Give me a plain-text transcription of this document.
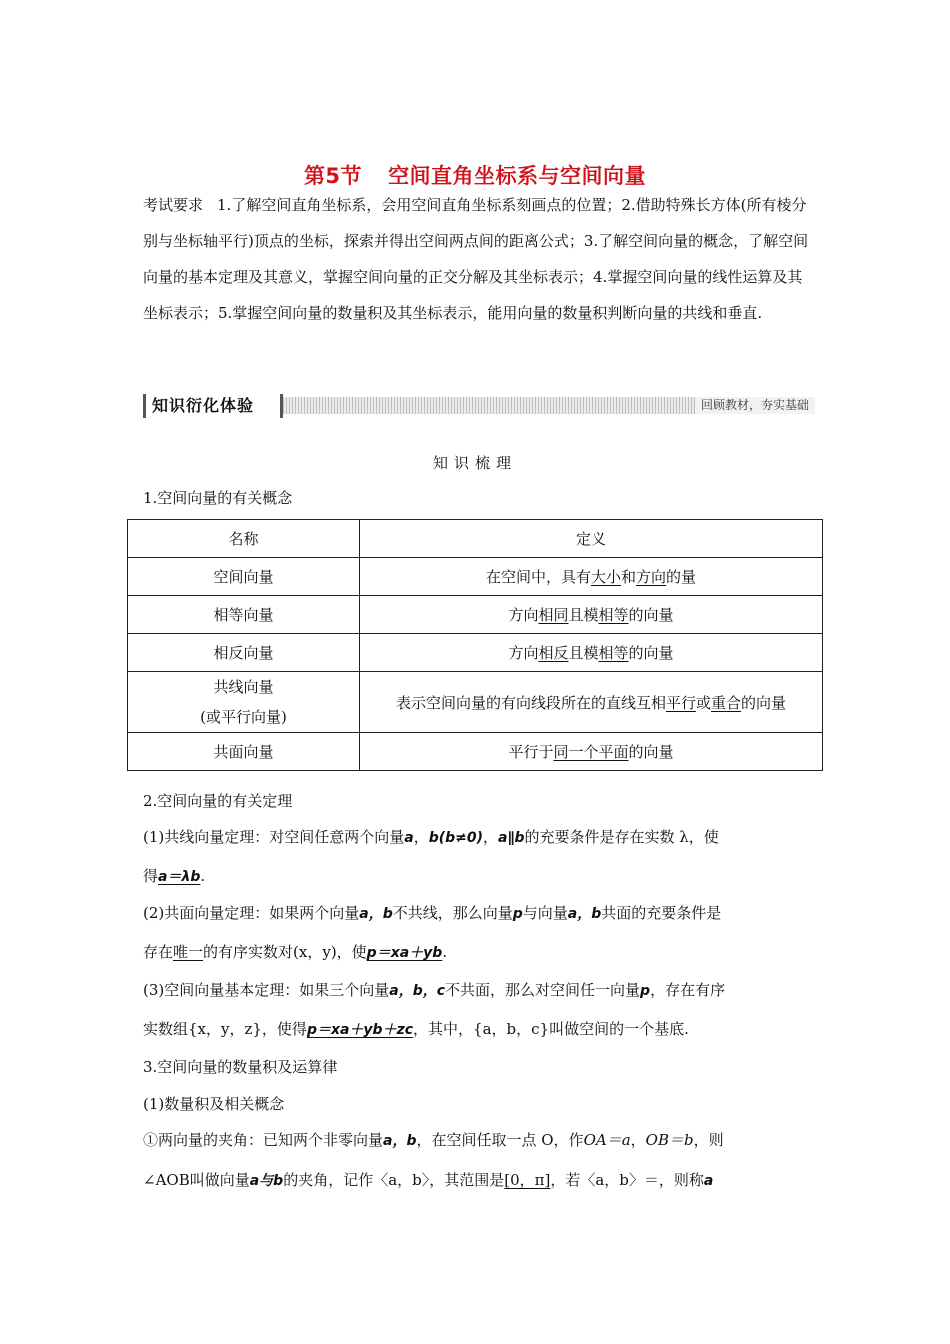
第5节 空间直角坐标系与空间向量
考试要求 1.了解空间直角坐标系，会用空间直角坐标系刻画点的位置；2.借助特殊长方体(所有棱分别与坐标轴平行)顶点的坐标，探索并得出空间两点间的距离公式；3.了解空间向量的概念，了解空间向量的基本定理及其意义，掌握空间向量的正交分解及其坐标表示；4.掌握空间向量的线性运算及其坐标表示；5.掌握空间向量的数量积及其坐标表示，能用向量的数量积判断向量的共线和垂直.
知识衍化体验	回顾教材，夯实基础
知识梳理
1.空间向量的有关概念
名称	定义
空间向量	在空间中，具有大小和方向的量
相等向量	方向相同且模相等的向量
相反向量	方向相反且模相等的向量

共线向量
(或平行向量)	表示空间向量的有向线段所在的直线互相平行或重合的向量
共面向量	平行于同一个平面的向量
2.空间向量的有关定理
(1)共线向量定理：对空间任意两个向量a，b(b≠0)，a∥b的充要条件是存在实数 λ，使
得a＝λb.
(2)共面向量定理：如果两个向量a，b不共线，那么向量p与向量a，b共面的充要条件是
存在唯一的有序实数对(x，y)，使p＝xa＋yb.
(3)空间向量基本定理：如果三个向量a，b，c不共面，那么对空间任一向量p，存在有序
实数组{x，y，z}，使得p＝xa＋yb＋zc，其中，{a，b，c}叫做空间的一个基底.
3.空间向量的数量积及运算律
(1)数量积及相关概念
①两向量的夹角：已知两个非零向量a，b，在空间任取一点 O，作OA＝a，OB＝b，则
∠AOB叫做向量a与b的夹角，记作〈a，b〉，其范围是[0，π]，若〈a，b〉＝，则称a
